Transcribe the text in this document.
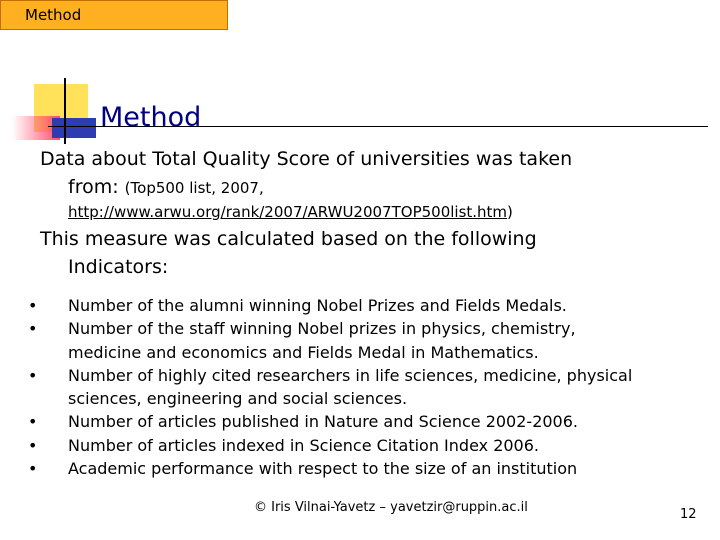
Method
Method

Data about Total Quality Score of universities was taken

from: (Top500 list, 2007,

http://www.arwu.org/rank/2007/ARWU2007TOP500list.htm)

This measure was calculated based on the following

Indicators:

• Number of the alumni winning Nobel Prizes and Fields Medals.
• Number of the staff winning Nobel prizes in physics, chemistry,
medicine and economics and Fields Medal in Mathematics.
• Number of highly cited researchers in life sciences, medicine, physical
sciences, engineering and social sciences.
• Number of articles published in Nature and Science 2002-2006.
• Number of articles indexed in Science Citation Index 2006.
• Academic performance with respect to the size of an institution
© Iris Vilnai-Yavetz – yavetzir@ruppin.ac.il	12
